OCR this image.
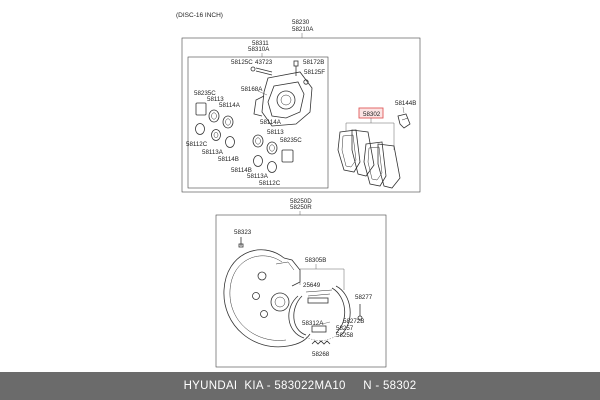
(DISC-16 INCH)
58230
58210A
58311
58310A
58125C 43723	58172B
58125F
58168A
58235C
58113
58114A
58112C
58113A
58114B
58114A
58113
58235C
58114B
58113A
58112C
58302
58144B
58250D
58250R
58323
58305B
25649
58277
58272B
58312A
58257
58258
58268
HYUNDAI  KIA - 583022MA10     N - 58302
